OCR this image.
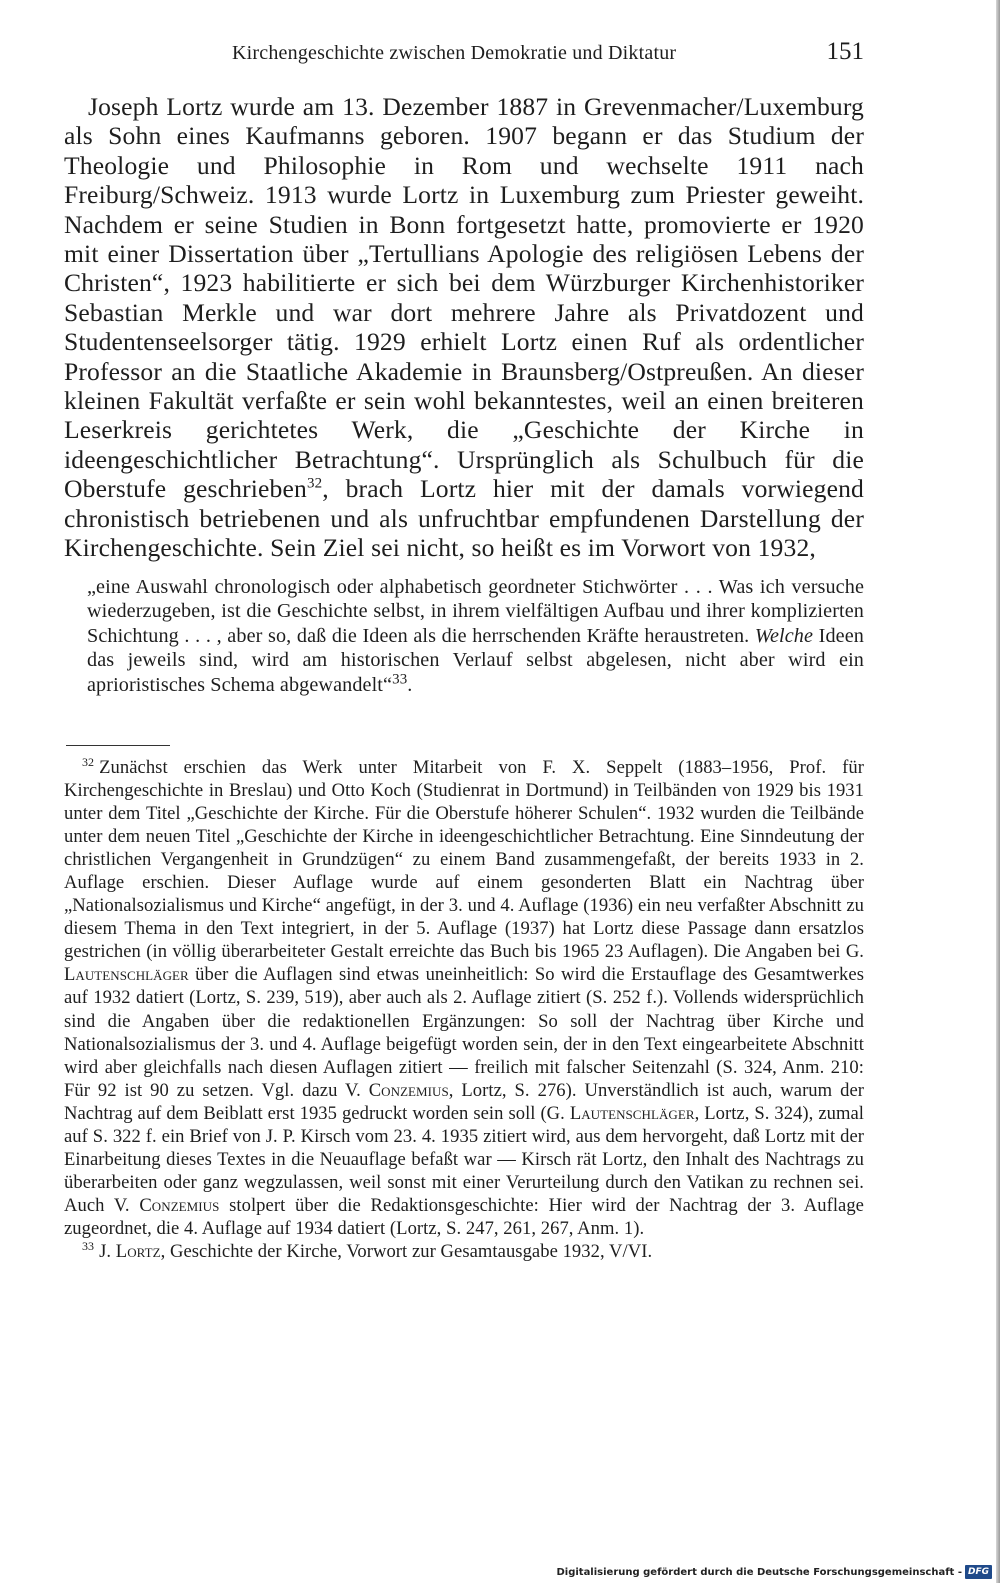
Kirchengeschichte zwischen Demokratie und Diktatur	151

Joseph Lortz wurde am 13. Dezember 1887 in Grevenmacher/Luxemburg als Sohn eines Kaufmanns geboren. 1907 begann er das Studium der Theologie und Philosophie in Rom und wechselte 1911 nach Freiburg/Schweiz. 1913 wurde Lortz in Luxemburg zum Priester geweiht. Nachdem er seine Studien in Bonn fortgesetzt hatte, promovierte er 1920 mit einer Dissertation über „Tertullians Apologie des religiösen Lebens der Christen“, 1923 habilitierte er sich bei dem Würzburger Kirchenhistoriker Sebastian Merkle und war dort mehrere Jahre als Privatdozent und Studentenseelsorger tätig. 1929 erhielt Lortz einen Ruf als ordentlicher Professor an die Staatliche Akademie in Braunsberg/Ostpreußen. An dieser kleinen Fakultät verfaßte er sein wohl bekanntestes, weil an einen breiteren Leserkreis gerichtetes Werk, die „Geschichte der Kirche in ideengeschichtlicher Betrachtung“. Ursprünglich als Schulbuch für die Oberstufe geschrieben$^{32}$, brach Lortz hier mit der damals vorwiegend chronistisch betriebenen und als unfruchtbar empfundenen Darstellung der Kirchengeschichte. Sein Ziel sei nicht, so heißt es im Vorwort von 1932,

„eine Auswahl chronologisch oder alphabetisch geordneter Stichwörter . . . Was ich versuche wiederzugeben, ist die Geschichte selbst, in ihrem vielfältigen Aufbau und ihrer komplizierten Schichtung . . . , aber so, daß die Ideen als die herrschenden Kräfte heraustreten. Welche Ideen das jeweils sind, wird am historischen Verlauf selbst abgelesen, nicht aber wird ein aprioristisches Schema abgewandelt“$^{33}$.

$^{32}$ Zunächst erschien das Werk unter Mitarbeit von F. X. Seppelt (1883–1956, Prof. für Kirchengeschichte in Breslau) und Otto Koch (Studienrat in Dortmund) in Teilbänden von 1929 bis 1931 unter dem Titel „Geschichte der Kirche. Für die Oberstufe höherer Schulen“. 1932 wurden die Teilbände unter dem neuen Titel „Geschichte der Kirche in ideengeschichtlicher Betrachtung. Eine Sinndeutung der christlichen Vergangenheit in Grundzügen“ zu einem Band zusammengefaßt, der bereits 1933 in 2. Auflage erschien. Dieser Auflage wurde auf einem gesonderten Blatt ein Nachtrag über „Nationalsozialismus und Kirche“ angefügt, in der 3. und 4. Auflage (1936) ein neu verfaßter Abschnitt zu diesem Thema in den Text integriert, in der 5. Auflage (1937) hat Lortz diese Passage dann ersatzlos gestrichen (in völlig überarbeiteter Gestalt erreichte das Buch bis 1965 23 Auflagen). Die Angaben bei G. Lautenschläger über die Auflagen sind etwas uneinheitlich: So wird die Erstauflage des Gesamtwerkes auf 1932 datiert (Lortz, S. 239, 519), aber auch als 2. Auflage zitiert (S. 252 f.). Vollends widersprüchlich sind die Angaben über die redaktionellen Ergänzungen: So soll der Nachtrag über Kirche und Nationalsozialismus der 3. und 4. Auflage beigefügt worden sein, der in den Text eingearbeitete Abschnitt wird aber gleichfalls nach diesen Auflagen zitiert — freilich mit falscher Seitenzahl (S. 324, Anm. 210: Für 92 ist 90 zu setzen. Vgl. dazu V. Conzemius, Lortz, S. 276). Unverständlich ist auch, warum der Nachtrag auf dem Beiblatt erst 1935 gedruckt worden sein soll (G. Lautenschläger, Lortz, S. 324), zumal auf S. 322 f. ein Brief von J. P. Kirsch vom 23. 4. 1935 zitiert wird, aus dem hervorgeht, daß Lortz mit der Einarbeitung dieses Textes in die Neuauflage befaßt war — Kirsch rät Lortz, den Inhalt des Nachtrags zu überarbeiten oder ganz wegzulassen, weil sonst mit einer Verurteilung durch den Vatikan zu rechnen sei. Auch V. Conzemius stolpert über die Redaktionsgeschichte: Hier wird der Nachtrag der 3. Auflage zugeordnet, die 4. Auflage auf 1934 datiert (Lortz, S. 247, 261, 267, Anm. 1).

$^{33}$ J. Lortz, Geschichte der Kirche, Vorwort zur Gesamtausgabe 1932, V/VI.

Digitalisierung gefördert durch die Deutsche Forschungsgemeinschaft - DFG
